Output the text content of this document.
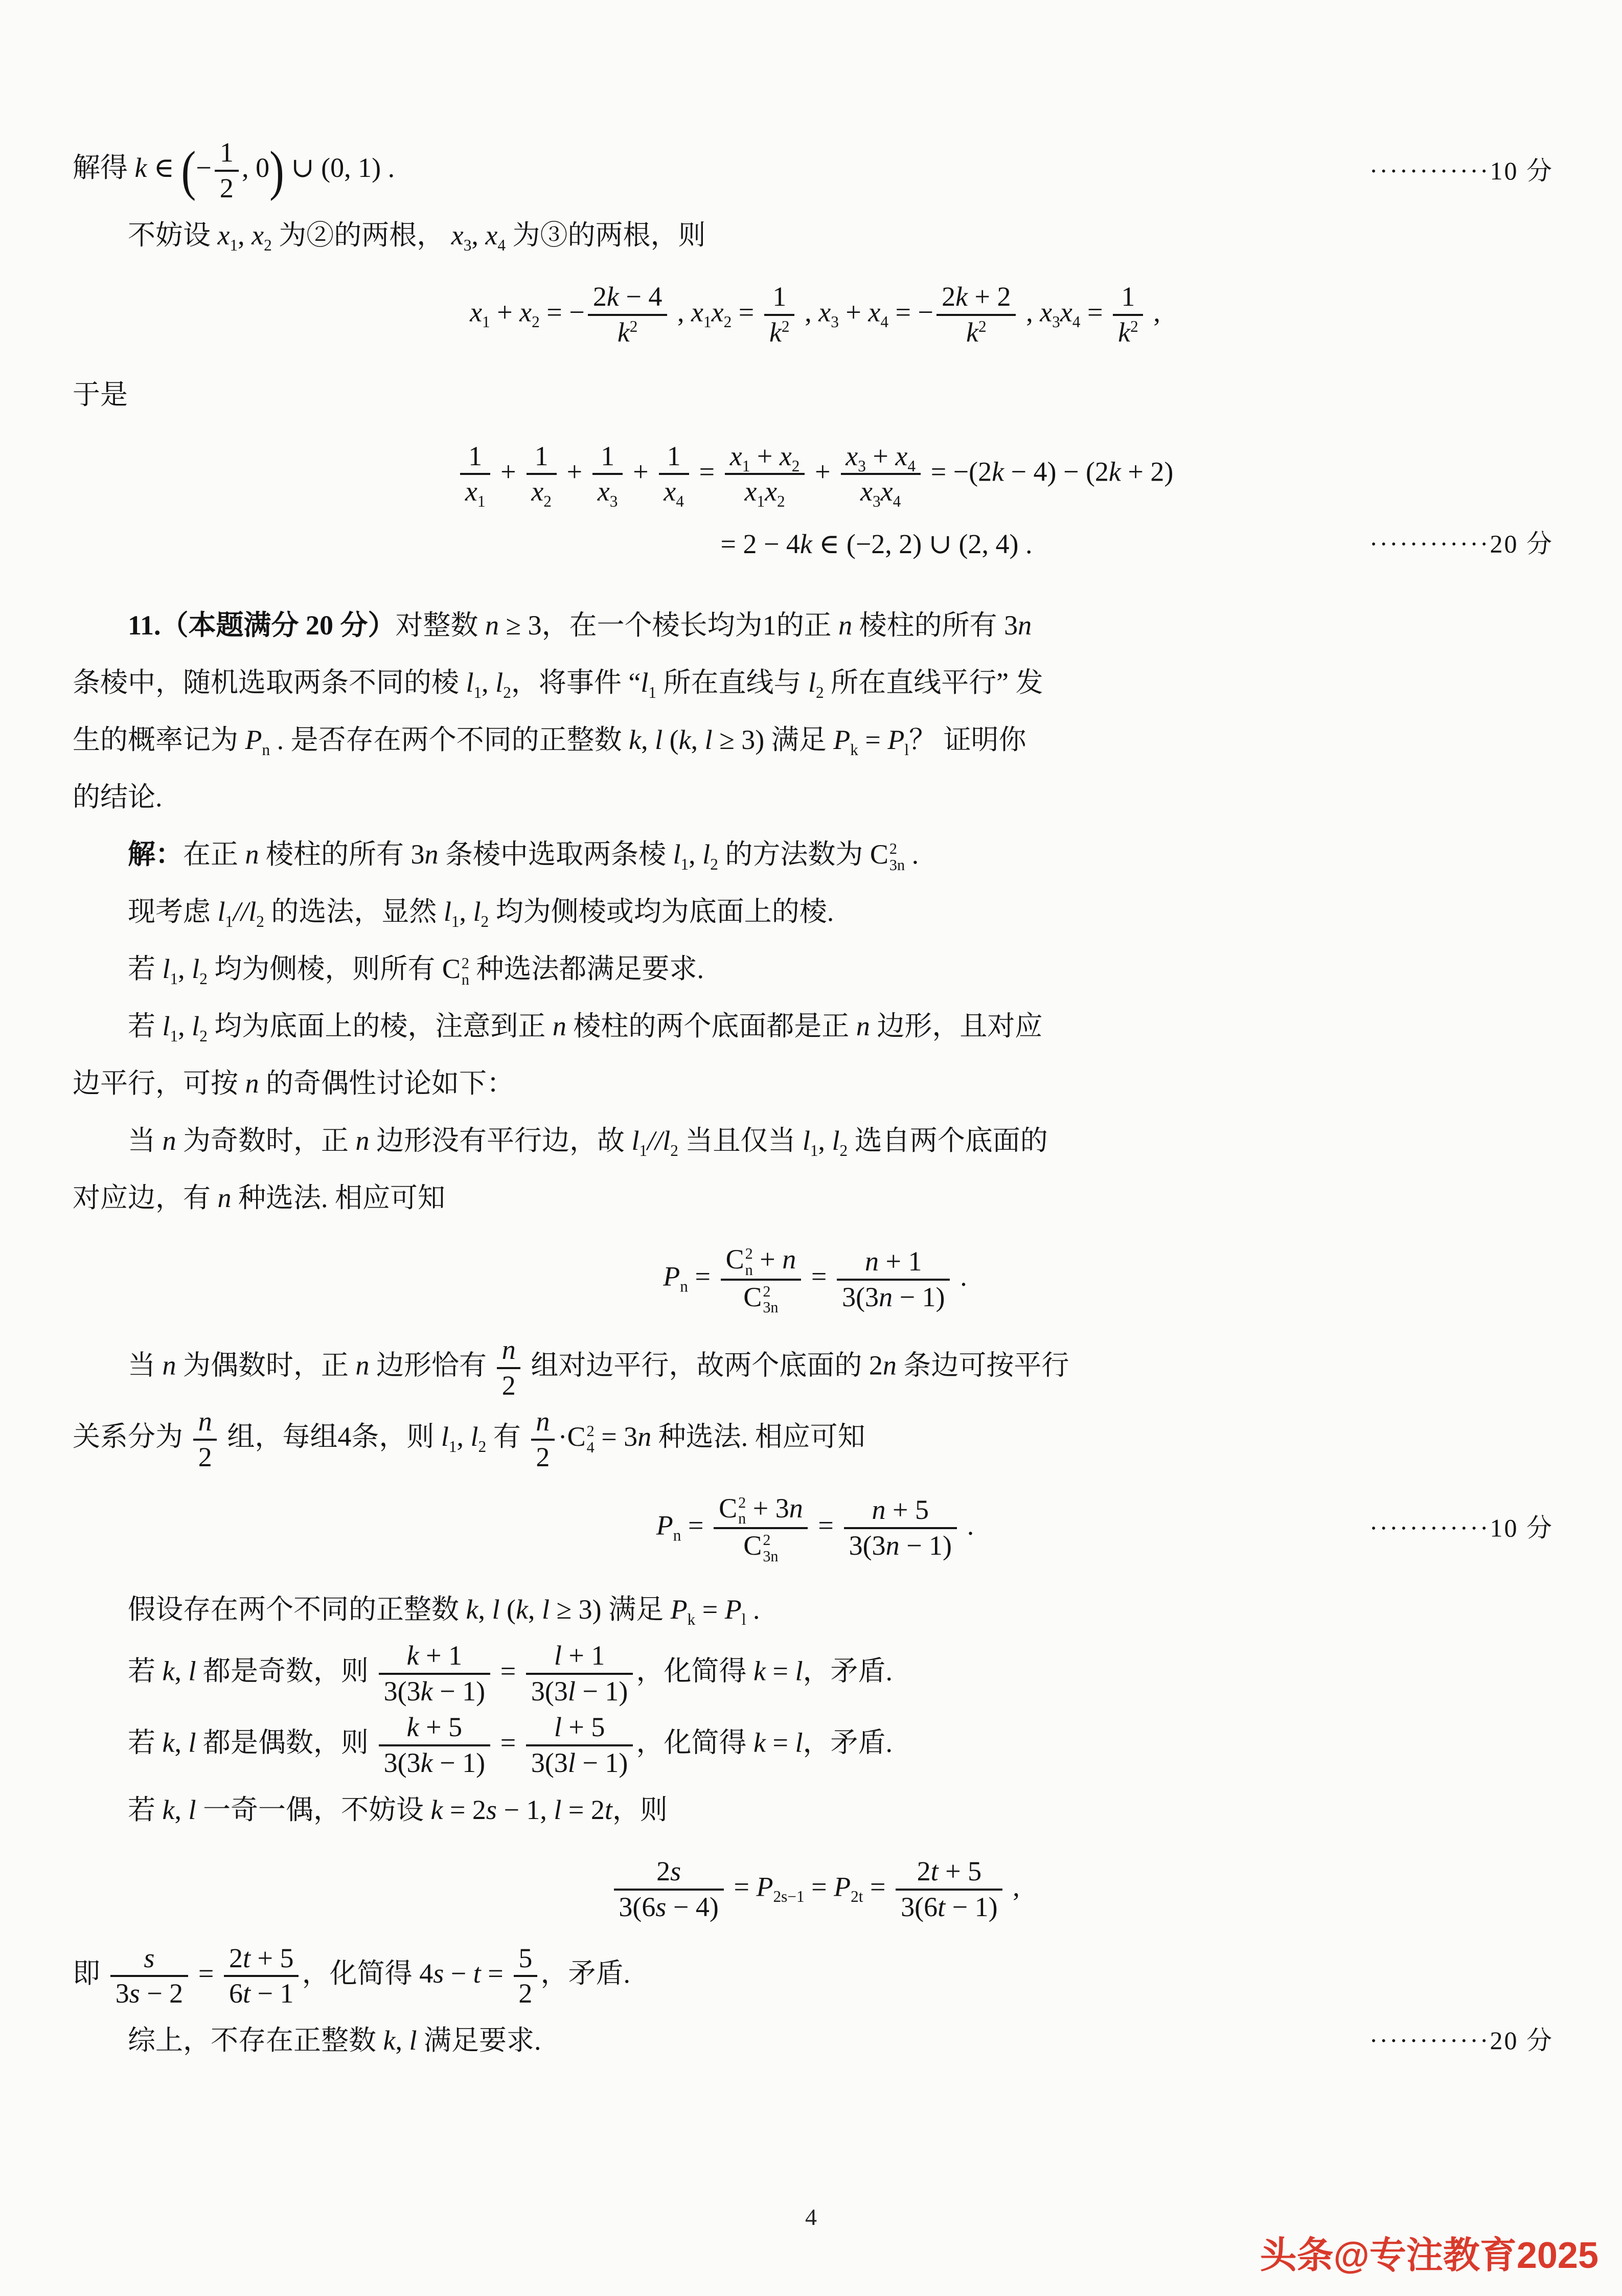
解得 k ∈ (− $\frac{1}{2}$ , 0) ∪ (0, 1) .	············10 分
不妨设 $x_1$, $x_2$ 为②的两根， $x_3$, $x_4$ 为③的两根，则
$x_1 + x_2$ = − $\frac{2k - 4}{k^2}$ , $x_1x_2 = \frac{1}{k^2}$ , $x_3 + x_4$ = − $\frac{2k + 2}{k^2}$ , $x_3x_4 = \frac{1}{k^2}$ ,
于是
$\frac{1}{x_1} + \frac{1}{x_2} + \frac{1}{x_3} + \frac{1}{x_4} = \frac{x_1 + x_2}{x_1x_2} + \frac{x_3 + x_4}{x_3x_4} = -(2k - 4) - (2k + 2)$
= 2 − 4k ∈ (−2, 2) ∪ (2, 4) .	············20 分
11.（本题满分 20 分）对整数 n ≥ 3，在一个棱长均为1的正 n 棱柱的所有 3n
条棱中，随机选取两条不同的棱 $l_1$, $l_2$，将事件 “$l_1$ 所在直线与 $l_2$ 所在直线平行” 发
生的概率记为 $P_n$ . 是否存在两个不同的正整数 k, l (k, l ≥ 3) 满足 $P_k = P_l$？ 证明你
的结论.
解：在正 n 棱柱的所有 3n 条棱中选取两条棱 $l_1$, $l_2$ 的方法数为 C 2
3n .
现考虑 $l_1//l_2$ 的选法，显然 $l_1$, $l_2$ 均为侧棱或均为底面上的棱.
若 $l_1$, $l_2$ 均为侧棱，则所有 C 2
n 种选法都满足要求.
若 $l_1$, $l_2$ 均为底面上的棱，注意到正 n 棱柱的两个底面都是正 n 边形，且对应
边平行，可按 n 的奇偶性讨论如下：
当 n 为奇数时，正 n 边形没有平行边，故 $l_1//l_2$ 当且仅当 $l_1$, $l_2$ 选自两个底面的
对应边，有 n 种选法. 相应可知
$P_n = C$ 2
n + n
C 2
$3n = \frac{n + 1}{3(3n - 1)}$ .
当 n 为偶数时，正 n 边形恰有 $\frac{n}{2}$ 组对边平行，故两个底面的 2n 条边可按平行
关系分为 $\frac{n}{2}$ 组，每组4条，则 $l_1$, $l_2$ 有 $\frac{n}{2} \cdot C$ 2
4 = 3n 种选法. 相应可知
$P_n = C$ 2
n + 3n
C 2
$3n = \frac{n + 5}{3(3n - 1)}$ .	············10 分
假设存在两个不同的正整数 k, l (k, l ≥ 3) 满足 $P_k = P_l$ .
若 k, l 都是奇数，则 $\frac{k + 1}{3(3k - 1)} = \frac{l + 1}{3(3l - 1)}$ ，化简得 k = l，矛盾.
若 k, l 都是偶数，则 $\frac{k + 5}{3(3k - 1)} = \frac{l + 5}{3(3l - 1)}$ ，化简得 k = l，矛盾.
若 k, l 一奇一偶，不妨设 k = 2s − 1, l = 2t，则
$\frac{2s}{3(6s - 4)} = P_{2s-1} = P_{2t} = \frac{2t + 5}{3(6t - 1)}$ ,
即 $\frac{s}{3s - 2} = \frac{2t + 5}{6t - 1}$ ，化简得 $4s - t = \frac{5}{2}$ ，矛盾.
综上，不存在正整数 k, l 满足要求.	············20 分
4
头条@专注教育2025
